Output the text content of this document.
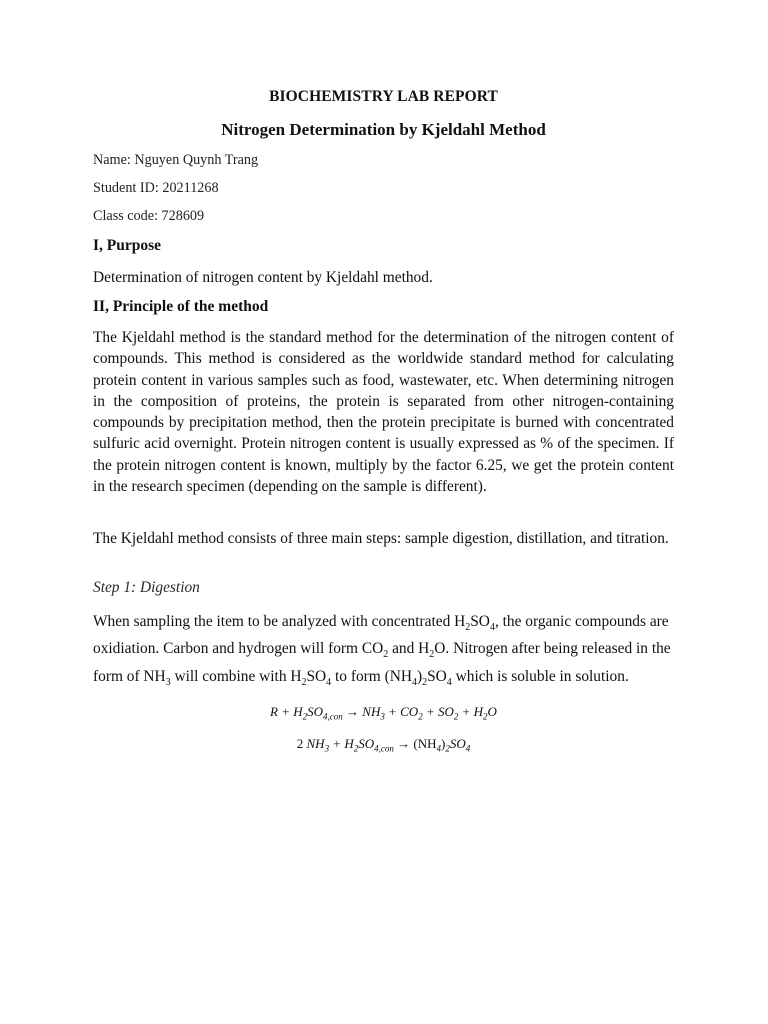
BIOCHEMISTRY LAB REPORT
Nitrogen Determination by Kjeldahl Method
Name: Nguyen Quynh Trang
Student ID: 20211268
Class code: 728609
I, Purpose
Determination of nitrogen content by Kjeldahl method.
II, Principle of the method
The Kjeldahl method is the standard method for the determination of the nitrogen content of compounds. This method is considered as the worldwide standard method for calculating protein content in various samples such as food, wastewater, etc. When determining nitrogen in the composition of proteins, the protein is separated from other nitrogen-containing compounds by precipitation method, then the protein precipitate is burned with concentrated sulfuric acid overnight. Protein nitrogen content is usually expressed as % of the specimen. If the protein nitrogen content is known, multiply by the factor 6.25, we get the protein content in the research specimen (depending on the sample is different).
The Kjeldahl method consists of three main steps: sample digestion, distillation, and titration.
Step 1: Digestion
When sampling the item to be analyzed with concentrated $H_2SO_4$, the organic compounds are oxidiation. Carbon and hydrogen will form $CO_2$ and $H_2O$. Nitrogen after being released in the form of $NH_3$ will combine with $H_2SO_4$ to form $(NH_4)_2SO_4$ which is soluble in solution.
$R + H_2SO_{4,con} \to NH_3 + CO_2 + SO_2 + H_2O$
2 $NH_3 + H_2SO_{4,con} \to (NH_4)_2SO_4$
